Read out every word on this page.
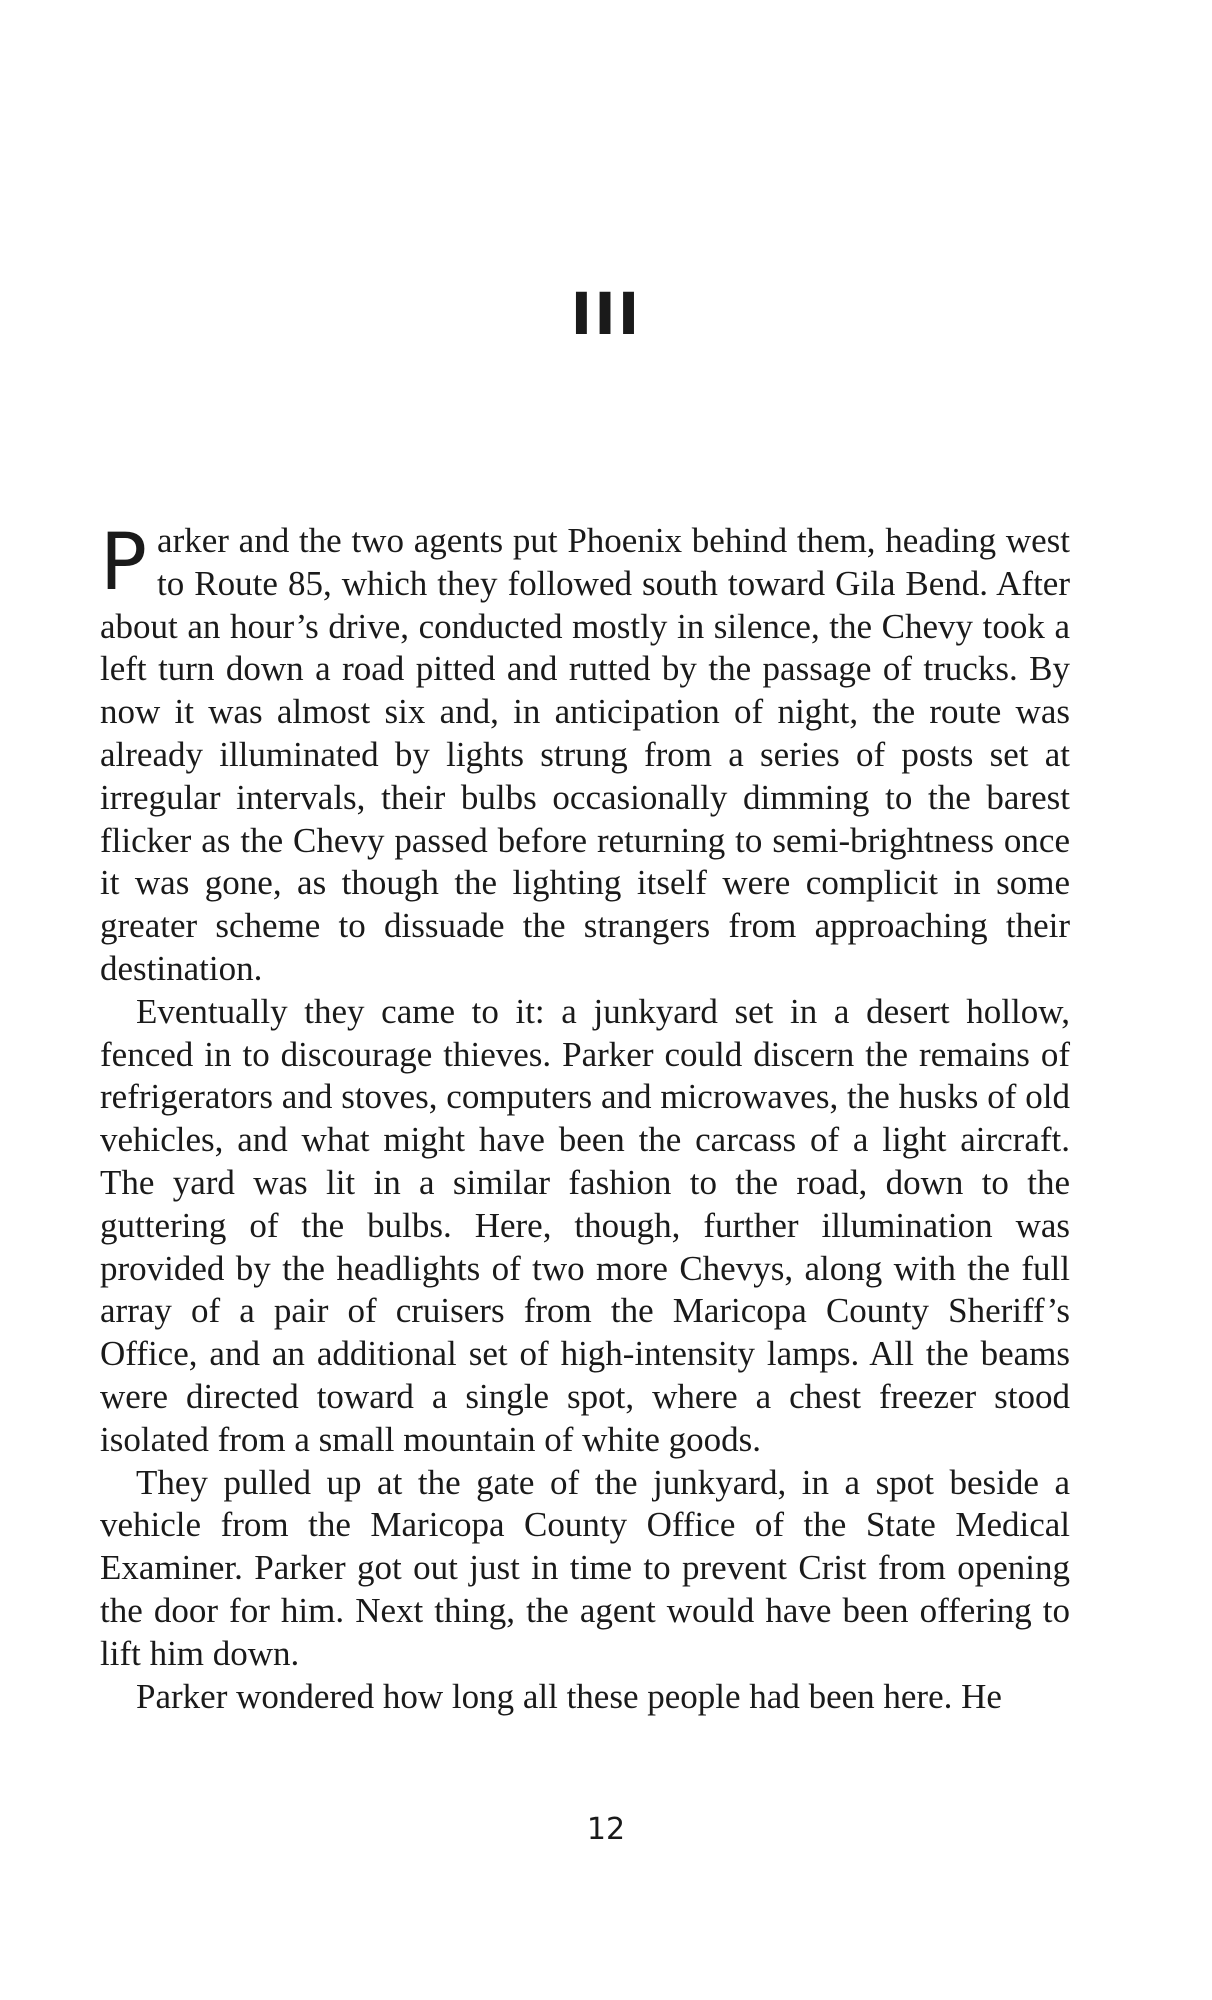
III

Parker and the two agents put Phoenix behind them, heading west to Route 85, which they followed south toward Gila Bend. After about an hour’s drive, conducted mostly in silence, the Chevy took a left turn down a road pitted and rutted by the passage of trucks. By now it was almost six and, in anticipation of night, the route was already illuminated by lights strung from a series of posts set at irregular intervals, their bulbs occasionally dimming to the barest flicker as the Chevy passed before returning to semi-brightness once it was gone, as though the lighting itself were complicit in some greater scheme to dissuade the strangers from approaching their destination.

Eventually they came to it: a junkyard set in a desert hollow, fenced in to discourage thieves. Parker could discern the remains of refrigerators and stoves, computers and microwaves, the husks of old vehicles, and what might have been the carcass of a light aircraft. The yard was lit in a similar fashion to the road, down to the guttering of the bulbs. Here, though, further illumination was provided by the headlights of two more Chevys, along with the full array of a pair of cruisers from the Maricopa County Sheriff’s Office, and an additional set of high-intensity lamps. All the beams were directed toward a single spot, where a chest freezer stood isolated from a small mountain of white goods.

They pulled up at the gate of the junkyard, in a spot beside a vehicle from the Maricopa County Office of the State Medical Examiner. Parker got out just in time to prevent Crist from opening the door for him. Next thing, the agent would have been offering to lift him down.

Parker wondered how long all these people had been here. He

12
